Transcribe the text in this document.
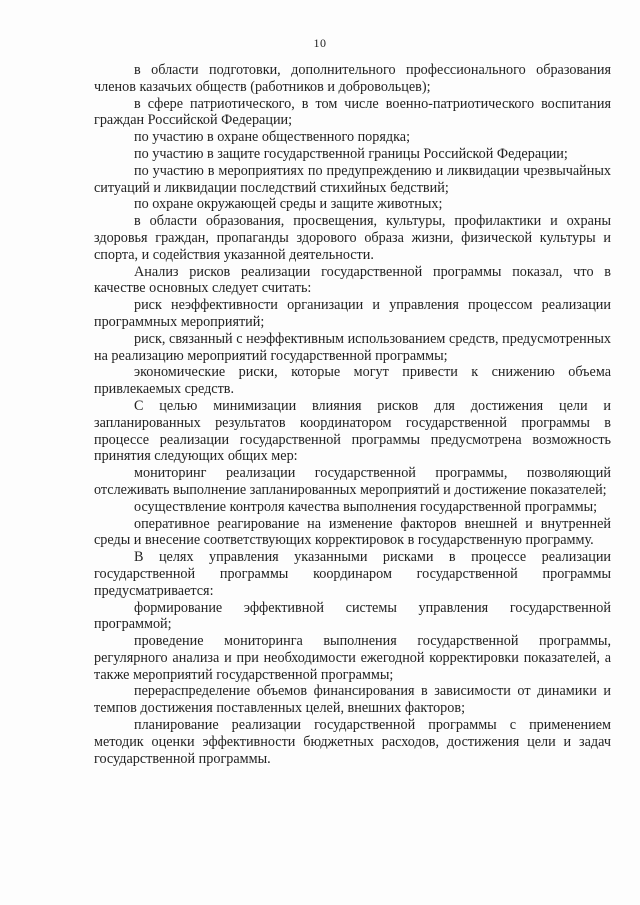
10

в области подготовки, дополнительного профессионального образования членов казачьих обществ (работников и добровольцев);

в сфере патриотического, в том числе военно-патриотического воспитания граждан Российской Федерации;

по участию в охране общественного порядка;

по участию в защите государственной границы Российской Федерации;

по участию в мероприятиях по предупреждению и ликвидации чрезвычайных ситуаций и ликвидации последствий стихийных бедствий;

по охране окружающей среды и защите животных;

в области образования, просвещения, культуры, профилактики и охраны здоровья граждан, пропаганды здорового образа жизни, физической культуры и спорта, и содействия указанной деятельности.

Анализ рисков реализации государственной программы показал, что в качестве основных следует считать:

риск неэффективности организации и управления процессом реализации программных мероприятий;

риск, связанный с неэффективным использованием средств, предусмотренных на реализацию мероприятий государственной программы;

экономические риски, которые могут привести к снижению объема привлекаемых средств.

С целью минимизации влияния рисков для достижения цели и запланированных результатов координатором государственной программы в процессе реализации государственной программы предусмотрена возможность принятия следующих общих мер:

мониторинг реализации государственной программы, позволяющий отслеживать выполнение запланированных мероприятий и достижение показателей;

осуществление контроля качества выполнения государственной программы;

оперативное реагирование на изменение факторов внешней и внутренней среды и внесение соответствующих корректировок в государственную программу.

В целях управления указанными рисками в процессе реализации государственной программы координаром государственной программы предусматривается:

формирование эффективной системы управления государственной программой;

проведение мониторинга выполнения государственной программы, регулярного анализа и при необходимости ежегодной корректировки показателей, а также мероприятий государственной программы;

перераспределение объемов финансирования в зависимости от динамики и темпов достижения поставленных целей, внешних факторов;

планирование реализации государственной программы с применением методик оценки эффективности бюджетных расходов, достижения цели и задач государственной программы.
